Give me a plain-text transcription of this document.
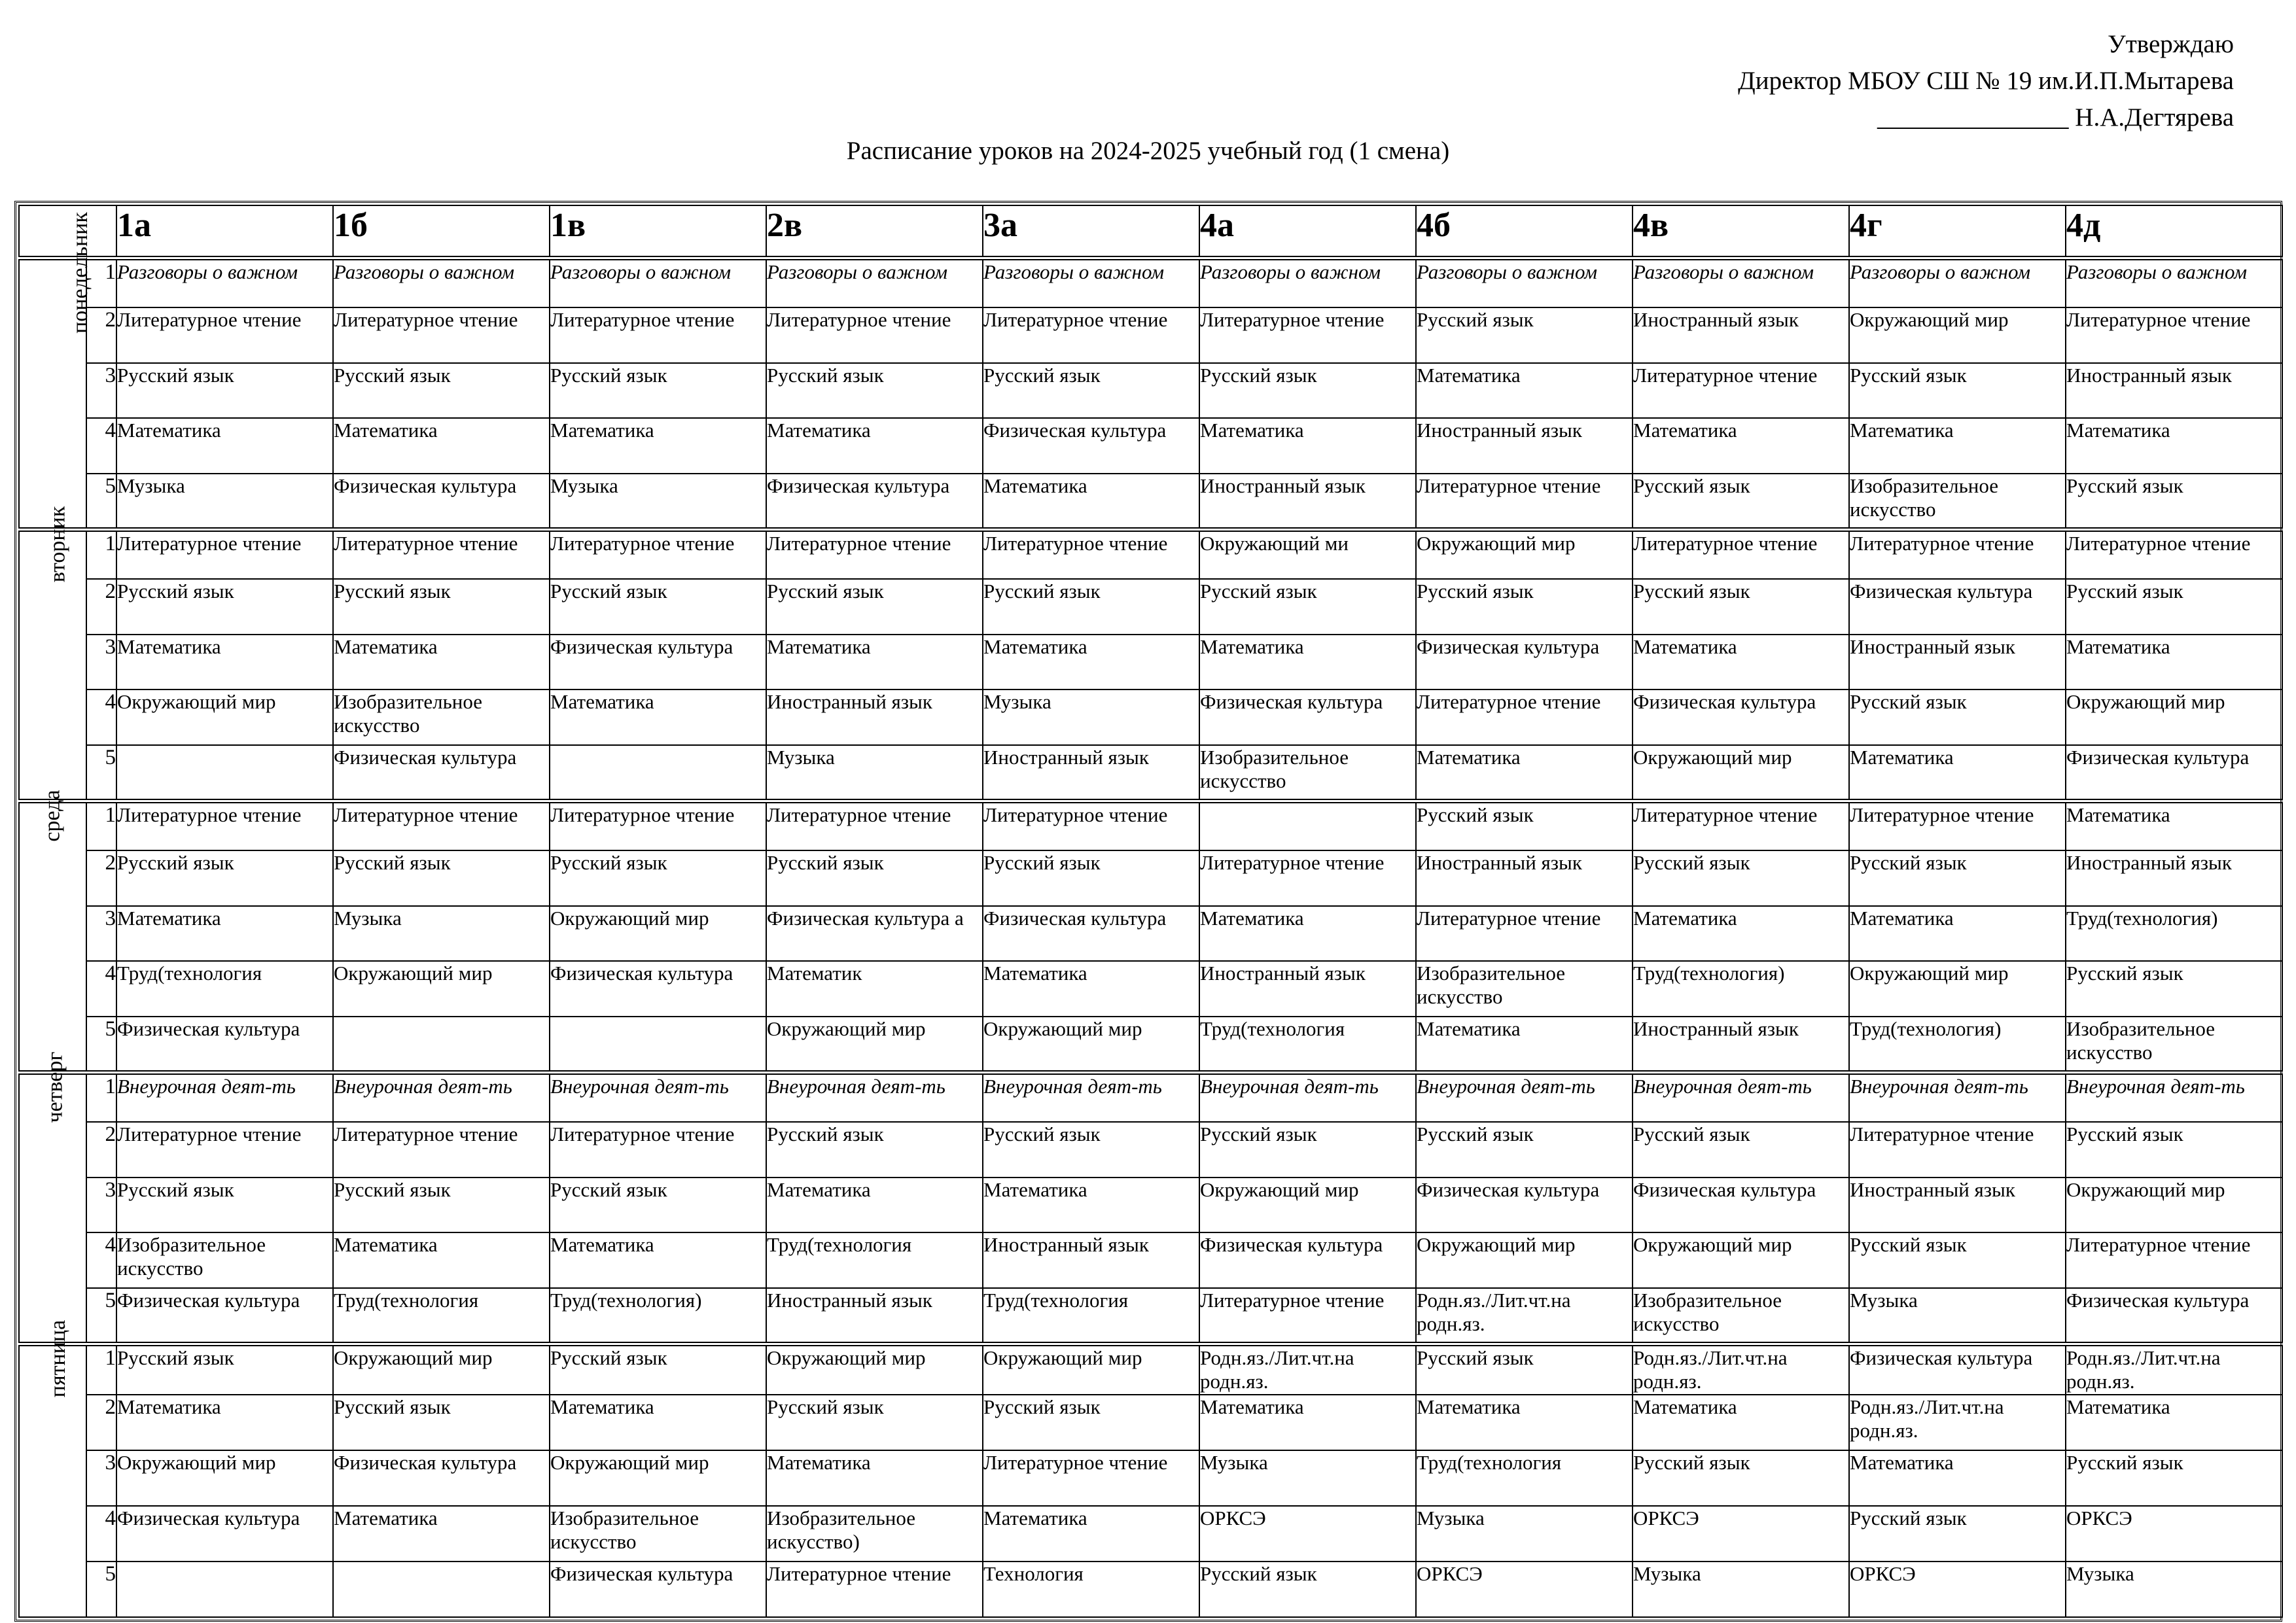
Утверждаю
Директор МБОУ СШ № 19 им.И.П.Мытарева
_______________ Н.А.Дегтярева
Расписание уроков на 2024-2025 учебный год (1 смена)
		1а	1б	1в	2в	3а	4а	4б	4в	4г	4д
понедельник	1	Разговоры о важном	Разговоры о важном	Разговоры о важном	Разговоры о важном	Разговоры о важном	Разговоры о важном	Разговоры о важном	Разговоры о важном	Разговоры о важном	Разговоры о важном

	2	Литературное чтение	Литературное чтение	Литературное чтение	Литературное чтение	Литературное чтение	Литературное чтение	Русский язык	Иностранный язык	Окружающий мир	Литературное чтение

	3	Русский язык	Русский язык	Русский язык	Русский язык	Русский язык	Русский язык	Математика	Литературное чтение	Русский язык	Иностранный язык

	4	Математика	Математика	Математика	Математика	Физическая культура	Математика	Иностранный язык	Математика	Математика	Математика

	5	Музыка	Физическая культура	Музыка	Физическая культура	Математика	Иностранный язык	Литературное чтение	Русский язык	Изобразительное искусство	Русский язык

вторник	1	Литературное чтение	Литературное чтение	Литературное чтение	Литературное чтение	Литературное чтение	Окружающий ми	Окружающий мир	Литературное чтение	Литературное чтение	Литературное чтение

	2	Русский язык	Русский язык	Русский язык	Русский язык	Русский язык	Русский язык	Русский язык	Русский язык	Физическая культура	Русский язык

	3	Математика	Математика	Физическая культура	Математика	Математика	Математика	Физическая культура	Математика	Иностранный язык	Математика

	4	Окружающий мир	Изобразительное искусство	Математика	Иностранный язык	Музыка	Физическая культура	Литературное чтение	Физическая культура	Русский язык	Окружающий мир

	5		Физическая культура		Музыка	Иностранный язык	Изобразительное искусство	Математика	Окружающий мир	Математика	Физическая культура

среда	1	Литературное чтение	Литературное чтение	Литературное чтение	Литературное чтение	Литературное чтение		Русский язык	Литературное чтение	Литературное чтение	Математика

	2	Русский язык	Русский язык	Русский язык	Русский язык	Русский язык	Литературное чтение	Иностранный язык	Русский язык	Русский язык	Иностранный язык

	3	Математика	Музыка	Окружающий мир	Физическая культура а	Физическая культура	Математика	Литературное чтение	Математика	Математика	Труд(технология)

	4	Труд(технология	Окружающий мир	Физическая культура	Математик	Математика	Иностранный язык	Изобразительное искусство	Труд(технология)	Окружающий мир	Русский язык

	5	Физическая культура			Окружающий мир	Окружающий мир	Труд(технология	Математика	Иностранный язык	Труд(технология)	Изобразительное искусство

четверг	1	Внеурочная деят-ть	Внеурочная деят-ть	Внеурочная деят-ть	Внеурочная деят-ть	Внеурочная деят-ть	Внеурочная деят-ть	Внеурочная деят-ть	Внеурочная деят-ть	Внеурочная деят-ть	Внеурочная деят-ть

	2	Литературное чтение	Литературное чтение	Литературное чтение	Русский язык	Русский язык	Русский язык	Русский язык	Русский язык	Литературное чтение	Русский язык

	3	Русский язык	Русский язык	Русский язык	Математика	Математика	Окружающий мир	Физическая культура	Физическая культура	Иностранный язык	Окружающий мир

	4	Изобразительное искусство	Математика	Математика	Труд(технология	Иностранный язык	Физическая культура	Окружающий мир	Окружающий мир	Русский язык	Литературное чтение

	5	Физическая культура	Труд(технология	Труд(технология)	Иностранный язык	Труд(технология	Литературное чтение	Родн.яз./Лит.чт.на родн.яз.	Изобразительное искусство	Музыка	Физическая культура

пятница	1	Русский язык	Окружающий мир	Русский язык	Окружающий мир	Окружающий мир	Родн.яз./Лит.чт.на родн.яз.	Русский язык	Родн.яз./Лит.чт.на родн.яз.	Физическая культура	Родн.яз./Лит.чт.на родн.яз.

	2	Математика	Русский язык	Математика	Русский язык	Русский язык	Математика	Математика	Математика	Родн.яз./Лит.чт.на родн.яз.	Математика

	3	Окружающий мир	Физическая культура	Окружающий мир	Математика	Литературное чтение	Музыка	Труд(технология	Русский язык	Математика	Русский язык

	4	Физическая культура	Математика	Изобразительное искусство	Изобразительное искусство)	Математика	ОРКСЭ	Музыка	ОРКСЭ	Русский язык	ОРКСЭ

	5			Физическая культура	Литературное чтение	Технология	Русский язык	ОРКСЭ	Музыка	ОРКСЭ	Музыка
